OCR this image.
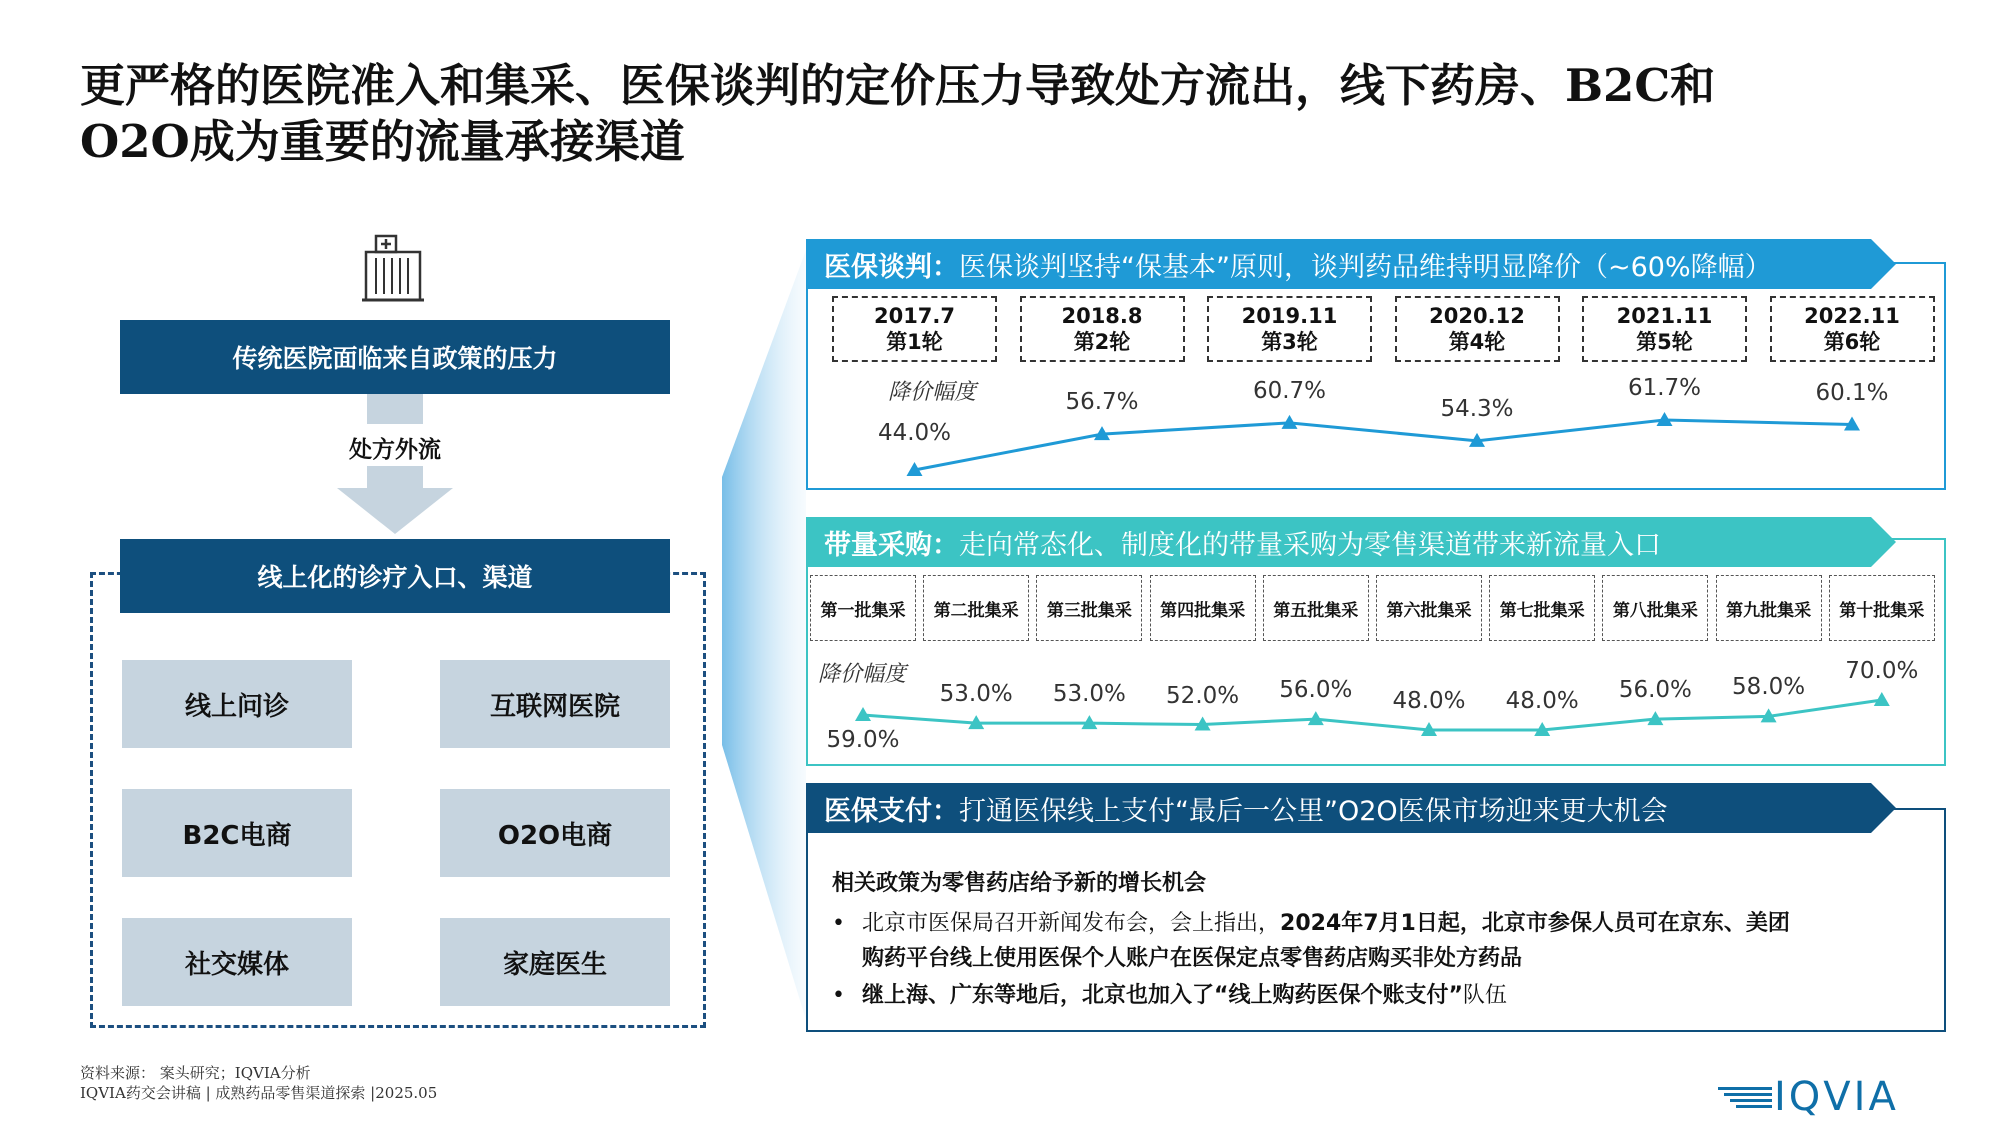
更严格的医院准入和集采、医保谈判的定价压力导致处方流出，线下药房、B2C和
O2O成为重要的流量承接渠道
传统医院面临来自政策的压力
处方外流
线上化的诊疗入口、渠道
线上问诊	互联网医院
B2C电商	O2O电商
社交媒体	家庭医生
医保谈判： 医保谈判坚持“保基本”原则，谈判药品维持明显降价（~60%降幅）
2017.7
第1轮
2018.8
第2轮
2019.11
第3轮
2020.12
第4轮
2021.11
第5轮
2022.11
第6轮
降价幅度
44.0%
56.7%	60.7%
54.3%
61.7%	60.1%
带量采购： 走向常态化、制度化的带量采购为零售渠道带来新流量入口
第一批集采	第二批集采	第三批集采	第四批集采	第五批集采	第六批集采	第七批集采	第八批集采	第九批集采	第十批集采
降价幅度
59.0%
53.0%	53.0%	52.0%	56.0%	48.0%	48.0%	56.0%	58.0%
70.0%
医保支付： 打通医保线上支付“最后一公里”O2O医保市场迎来更大机会
相关政策为零售药店给予新的增长机会
• 北京市医保局召开新闻发布会，会上指出，2024年7月1日起，北京市参保人员可在京东、美团
购药平台线上使用医保个人账户在医保定点零售药店购买非处方药品
• 继上海、广东等地后，北京也加入了“线上购药医保个账支付”队伍
资料来源： 案头研究；IQVIA分析
IQVIA药交会讲稿 | 成熟药品零售渠道探索 |2025.05	IQVIA
